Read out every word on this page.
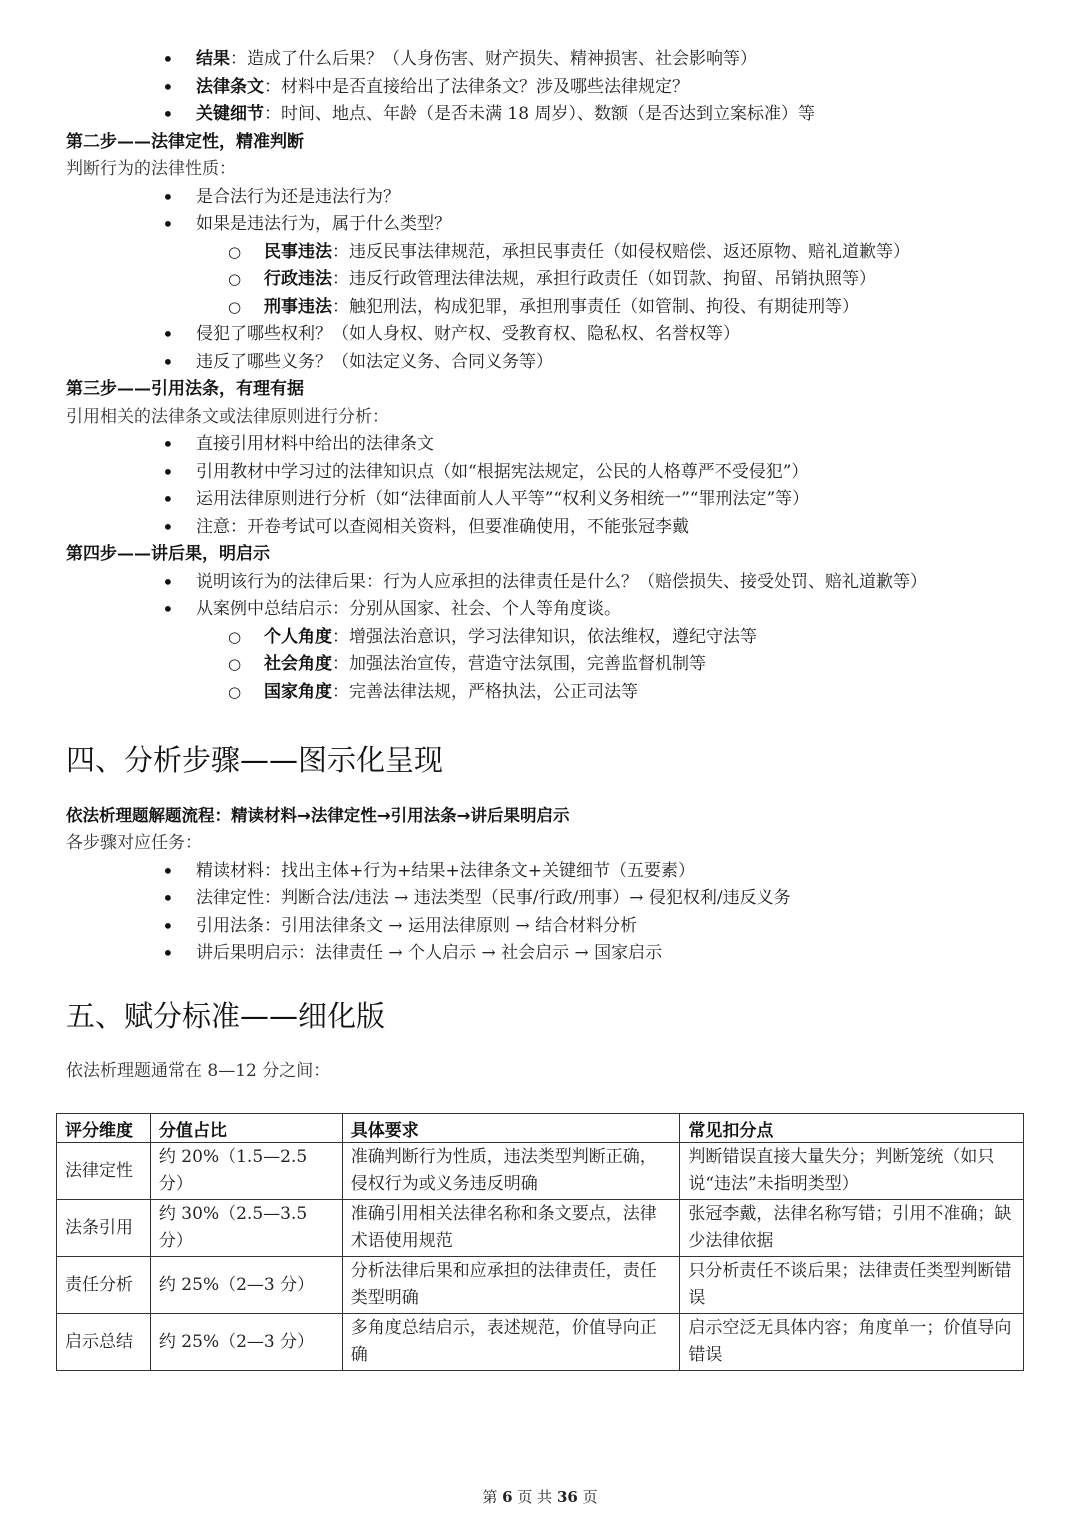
• 结果：造成了什么后果？（人身伤害、财产损失、精神损害、社会影响等）
• 法律条文：材料中是否直接给出了法律条文？涉及哪些法律规定？
• 关键细节：时间、地点、年龄（是否未满 18 周岁）、数额（是否达到立案标准）等
第二步——法律定性，精准判断
判断行为的法律性质：
• 是合法行为还是违法行为？
• 如果是违法行为，属于什么类型？
○ 民事违法：违反民事法律规范，承担民事责任（如侵权赔偿、返还原物、赔礼道歉等）
○ 行政违法：违反行政管理法律法规，承担行政责任（如罚款、拘留、吊销执照等）
○ 刑事违法：触犯刑法，构成犯罪，承担刑事责任（如管制、拘役、有期徒刑等）
• 侵犯了哪些权利？（如人身权、财产权、受教育权、隐私权、名誉权等）
• 违反了哪些义务？（如法定义务、合同义务等）
第三步——引用法条，有理有据
引用相关的法律条文或法律原则进行分析：
• 直接引用材料中给出的法律条文
• 引用教材中学习过的法律知识点（如“根据宪法规定，公民的人格尊严不受侵犯”）
• 运用法律原则进行分析（如“法律面前人人平等”“权利义务相统一”“罪刑法定”等）
• 注意：开卷考试可以查阅相关资料，但要准确使用，不能张冠李戴
第四步——讲后果，明启示
• 说明该行为的法律后果：行为人应承担的法律责任是什么？（赔偿损失、接受处罚、赔礼道歉等）
• 从案例中总结启示：分别从国家、社会、个人等角度谈。
○ 个人角度：增强法治意识，学习法律知识，依法维权，遵纪守法等
○ 社会角度：加强法治宣传，营造守法氛围，完善监督机制等
○ 国家角度：完善法律法规，严格执法，公正司法等
四、分析步骤——图示化呈现
依法析理题解题流程：精读材料→法律定性→引用法条→讲后果明启示
各步骤对应任务：
• 精读材料：找出主体+行为+结果+法律条文+关键细节（五要素）
• 法律定性：判断合法/违法 → 违法类型（民事/行政/刑事）→ 侵犯权利/违反义务
• 引用法条：引用法律条文 → 运用法律原则 → 结合材料分析
• 讲后果明启示：法律责任 → 个人启示 → 社会启示 → 国家启示
五、赋分标准——细化版
依法析理题通常在 8—12 分之间：
评分维度	分值占比	具体要求	常见扣分点
法律定性	约 20%（1.5—2.5 分）	准确判断行为性质，违法类型判断正确，侵权行为或义务违反明确	判断错误直接大量失分；判断笼统（如只说“违法”未指明类型）
法条引用	约 30%（2.5—3.5 分）	准确引用相关法律名称和条文要点，法律术语使用规范	张冠李戴，法律名称写错；引用不准确；缺少法律依据
责任分析	约 25%（2—3 分）	分析法律后果和应承担的法律责任，责任类型明确	只分析责任不谈后果；法律责任类型判断错误
启示总结	约 25%（2—3 分）	多角度总结启示，表述规范，价值导向正确	启示空泛无具体内容；角度单一；价值导向错误
第 6 页 共 36 页
